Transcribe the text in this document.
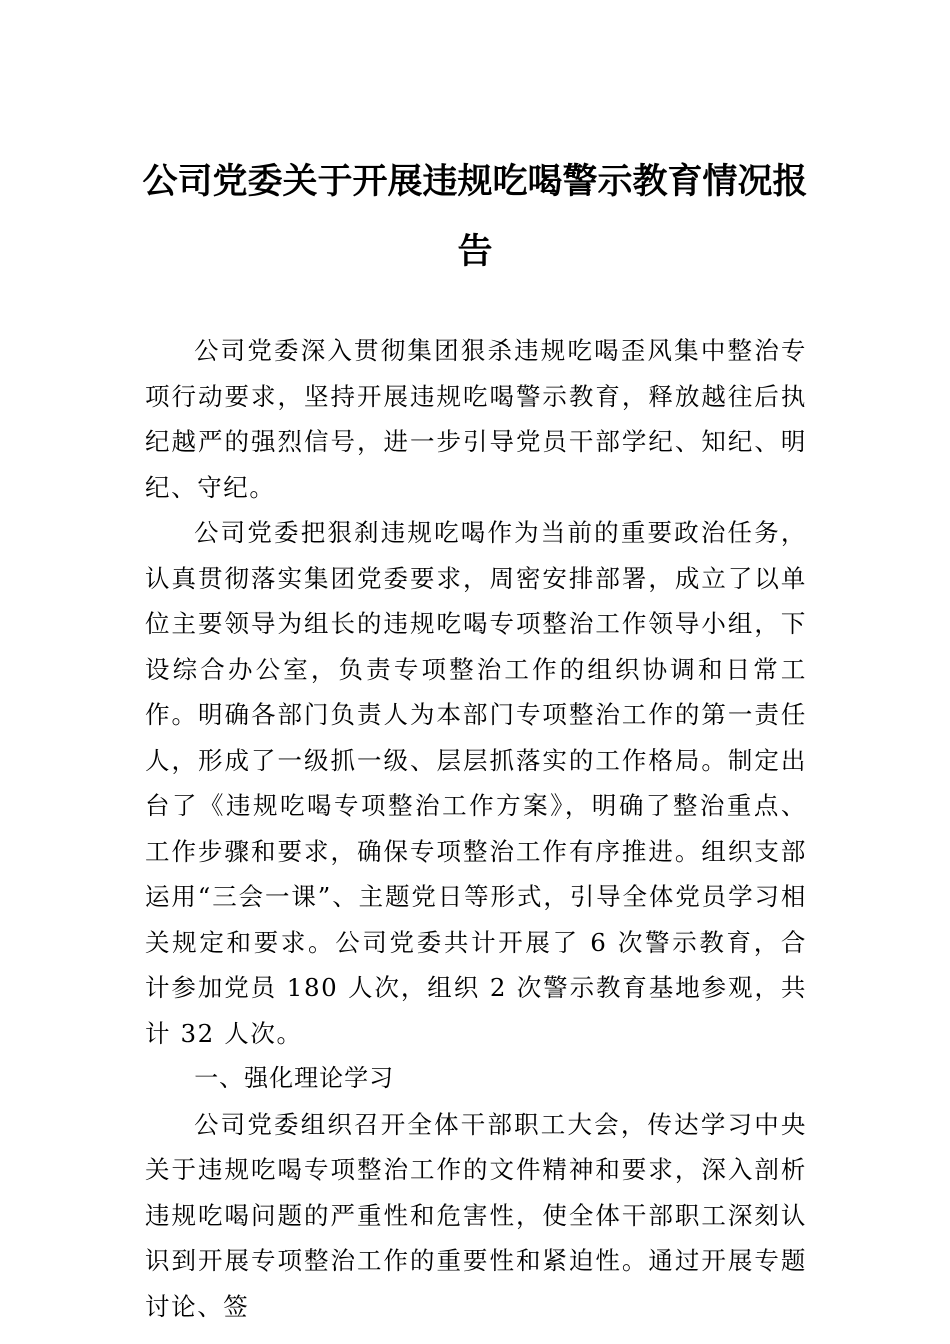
公司党委关于开展违规吃喝警示教育情况报告

公司党委深入贯彻集团狠杀违规吃喝歪风集中整治专项行动要求，坚持开展违规吃喝警示教育，释放越往后执纪越严的强烈信号，进一步引导党员干部学纪、知纪、明纪、守纪。

公司党委把狠刹违规吃喝作为当前的重要政治任务，认真贯彻落实集团党委要求，周密安排部署，成立了以单位主要领导为组长的违规吃喝专项整治工作领导小组，下设综合办公室，负责专项整治工作的组织协调和日常工作。明确各部门负责人为本部门专项整治工作的第一责任人，形成了一级抓一级、层层抓落实的工作格局。制定出台了《违规吃喝专项整治工作方案》，明确了整治重点、工作步骤和要求，确保专项整治工作有序推进。组织支部运用“三会一课”、主题党日等形式，引导全体党员学习相关规定和要求。公司党委共计开展了 6 次警示教育，合计参加党员 180 人次，组织 2 次警示教育基地参观，共计 32 人次。

一、强化理论学习

公司党委组织召开全体干部职工大会，传达学习中央关于违规吃喝专项整治工作的文件精神和要求，深入剖析违规吃喝问题的严重性和危害性，使全体干部职工深刻认识到开展专项整治工作的重要性和紧迫性。通过开展专题讨论、签
